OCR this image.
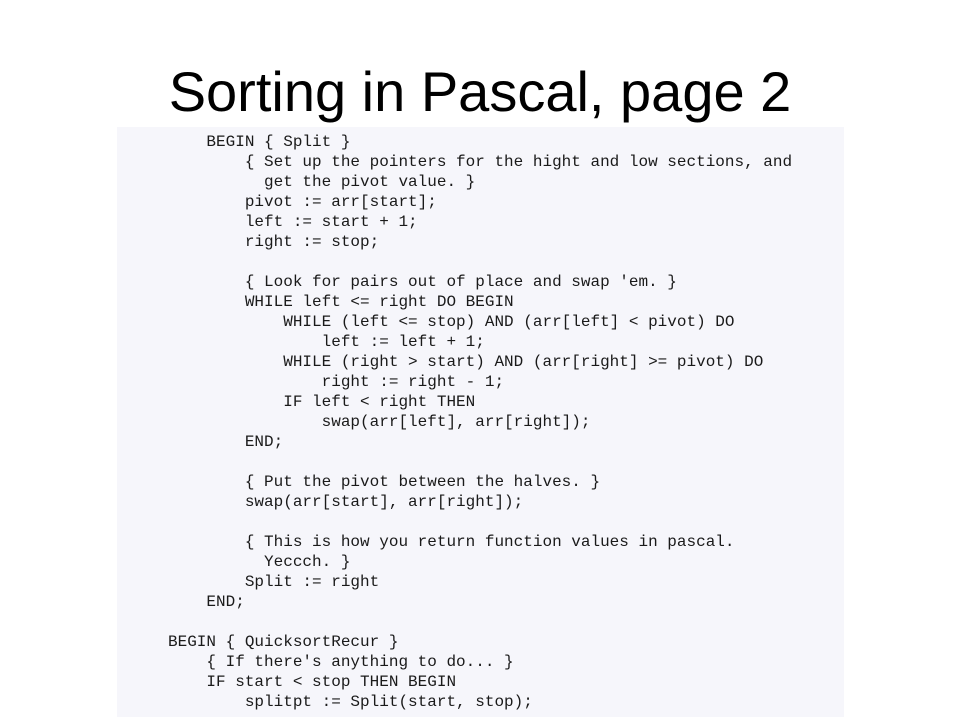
Sorting in Pascal, page 2
BEGIN { Split }
{ Set up the pointers for the hight and low sections, and
get the pivot value. }
pivot := arr[start];
left := start + 1;
right := stop;
{ Look for pairs out of place and swap 'em. }
WHILE left <= right DO BEGIN
WHILE (left <= stop) AND (arr[left] < pivot) DO
left := left + 1;
WHILE (right > start) AND (arr[right] >= pivot) DO
right := right - 1;
IF left < right THEN
swap(arr[left], arr[right]);
END;
{ Put the pivot between the halves. }
swap(arr[start], arr[right]);
{ This is how you return function values in pascal.
Yeccch. }
Split := right
END;
BEGIN { QuicksortRecur }
{ If there's anything to do... }
IF start < stop THEN BEGIN
splitpt := Split(start, stop);
